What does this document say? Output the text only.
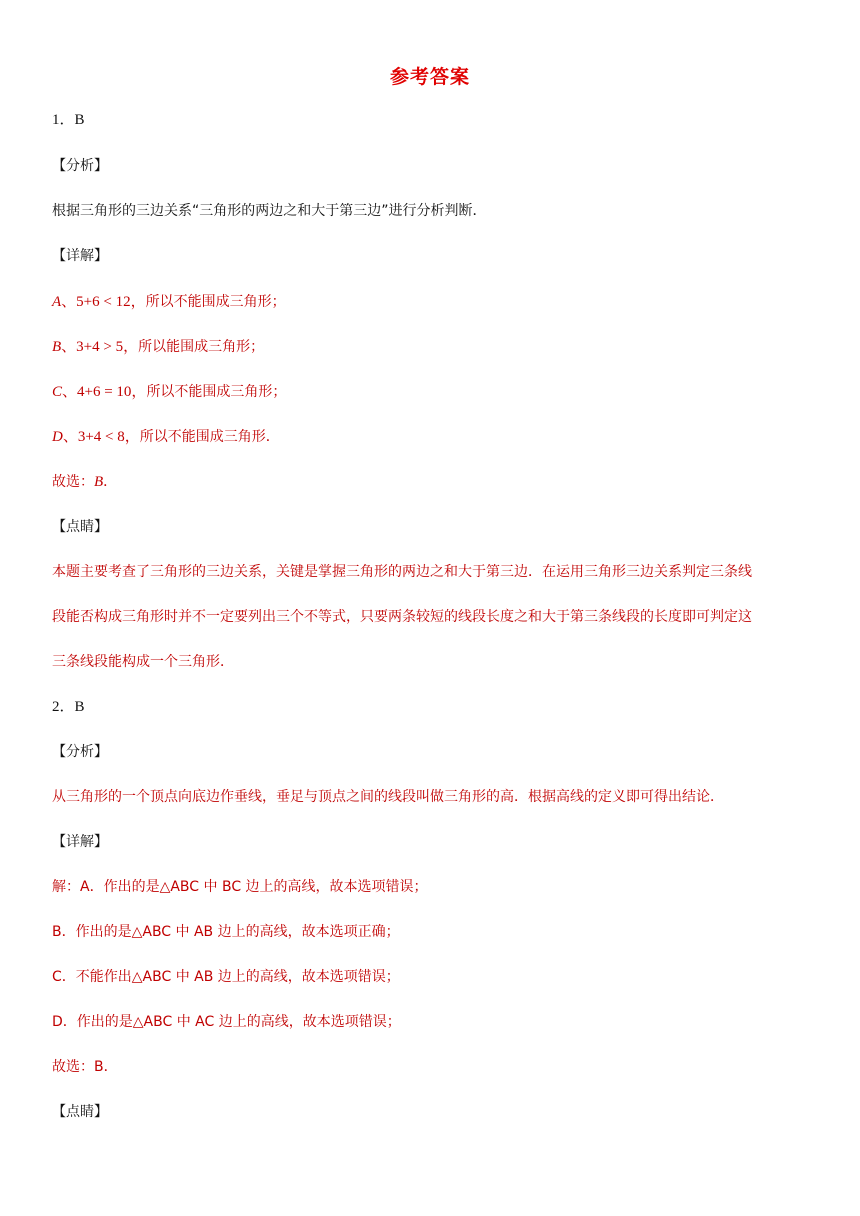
参考答案
1．B
【分析】
根据三角形的三边关系“三角形的两边之和大于第三边”进行分析判断．
【详解】
A、5+6 < 12，所以不能围成三角形；
B、3+4 > 5，所以能围成三角形；
C、4+6 = 10，所以不能围成三角形；
D、3+4 < 8，所以不能围成三角形．
故选：B．
【点睛】
本题主要考查了三角形的三边关系，关键是掌握三角形的两边之和大于第三边．在运用三角形三边关系判定三条线
段能否构成三角形时并不一定要列出三个不等式，只要两条较短的线段长度之和大于第三条线段的长度即可判定这
三条线段能构成一个三角形．
2．B
【分析】
从三角形的一个顶点向底边作垂线，垂足与顶点之间的线段叫做三角形的高．根据高线的定义即可得出结论．
【详解】
解：A．作出的是△ABC 中 BC 边上的高线，故本选项错误；
B．作出的是△ABC 中 AB 边上的高线，故本选项正确；
C．不能作出△ABC 中 AB 边上的高线，故本选项错误；
D．作出的是△ABC 中 AC 边上的高线，故本选项错误；
故选：B．
【点睛】
